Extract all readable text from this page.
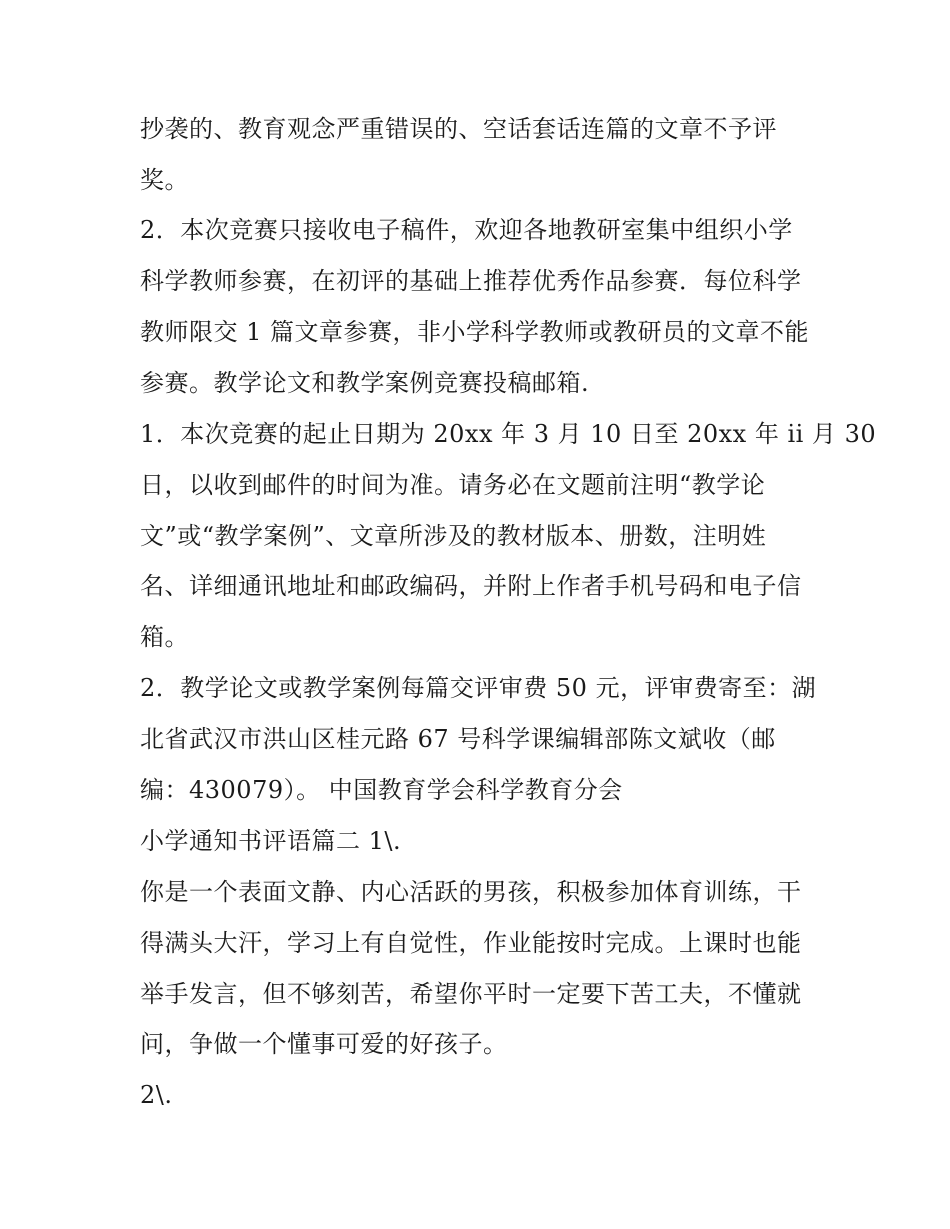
抄袭的、教育观念严重错误的、空话套话连篇的文章不予评
奖。
2．本次竞赛只接收电子稿件，欢迎各地教研室集中组织小学
科学教师参赛，在初评的基础上推荐优秀作品参赛．每位科学
教师限交 1 篇文章参赛，非小学科学教师或教研员的文章不能
参赛。教学论文和教学案例竞赛投稿邮箱.
1．本次竞赛的起止日期为 20xx 年 3 月 10 日至 20xx 年 ii 月 30
日，以收到邮件的时间为准。请务必在文题前注明“教学论
文”或“教学案例”、文章所涉及的教材版本、册数，注明姓
名、详细通讯地址和邮政编码，并附上作者手机号码和电子信
箱。
2．教学论文或教学案例每篇交评审费 50 元，评审费寄至：湖
北省武汉市洪山区桂元路 67 号科学课编辑部陈文斌收（邮
编：430079）。 中国教育学会科学教育分会
小学通知书评语篇二 1\.
你是一个表面文静、内心活跃的男孩，积极参加体育训练，干
得满头大汗，学习上有自觉性，作业能按时完成。上课时也能
举手发言，但不够刻苦，希望你平时一定要下苦工夫，不懂就
问，争做一个懂事可爱的好孩子。
2\.
